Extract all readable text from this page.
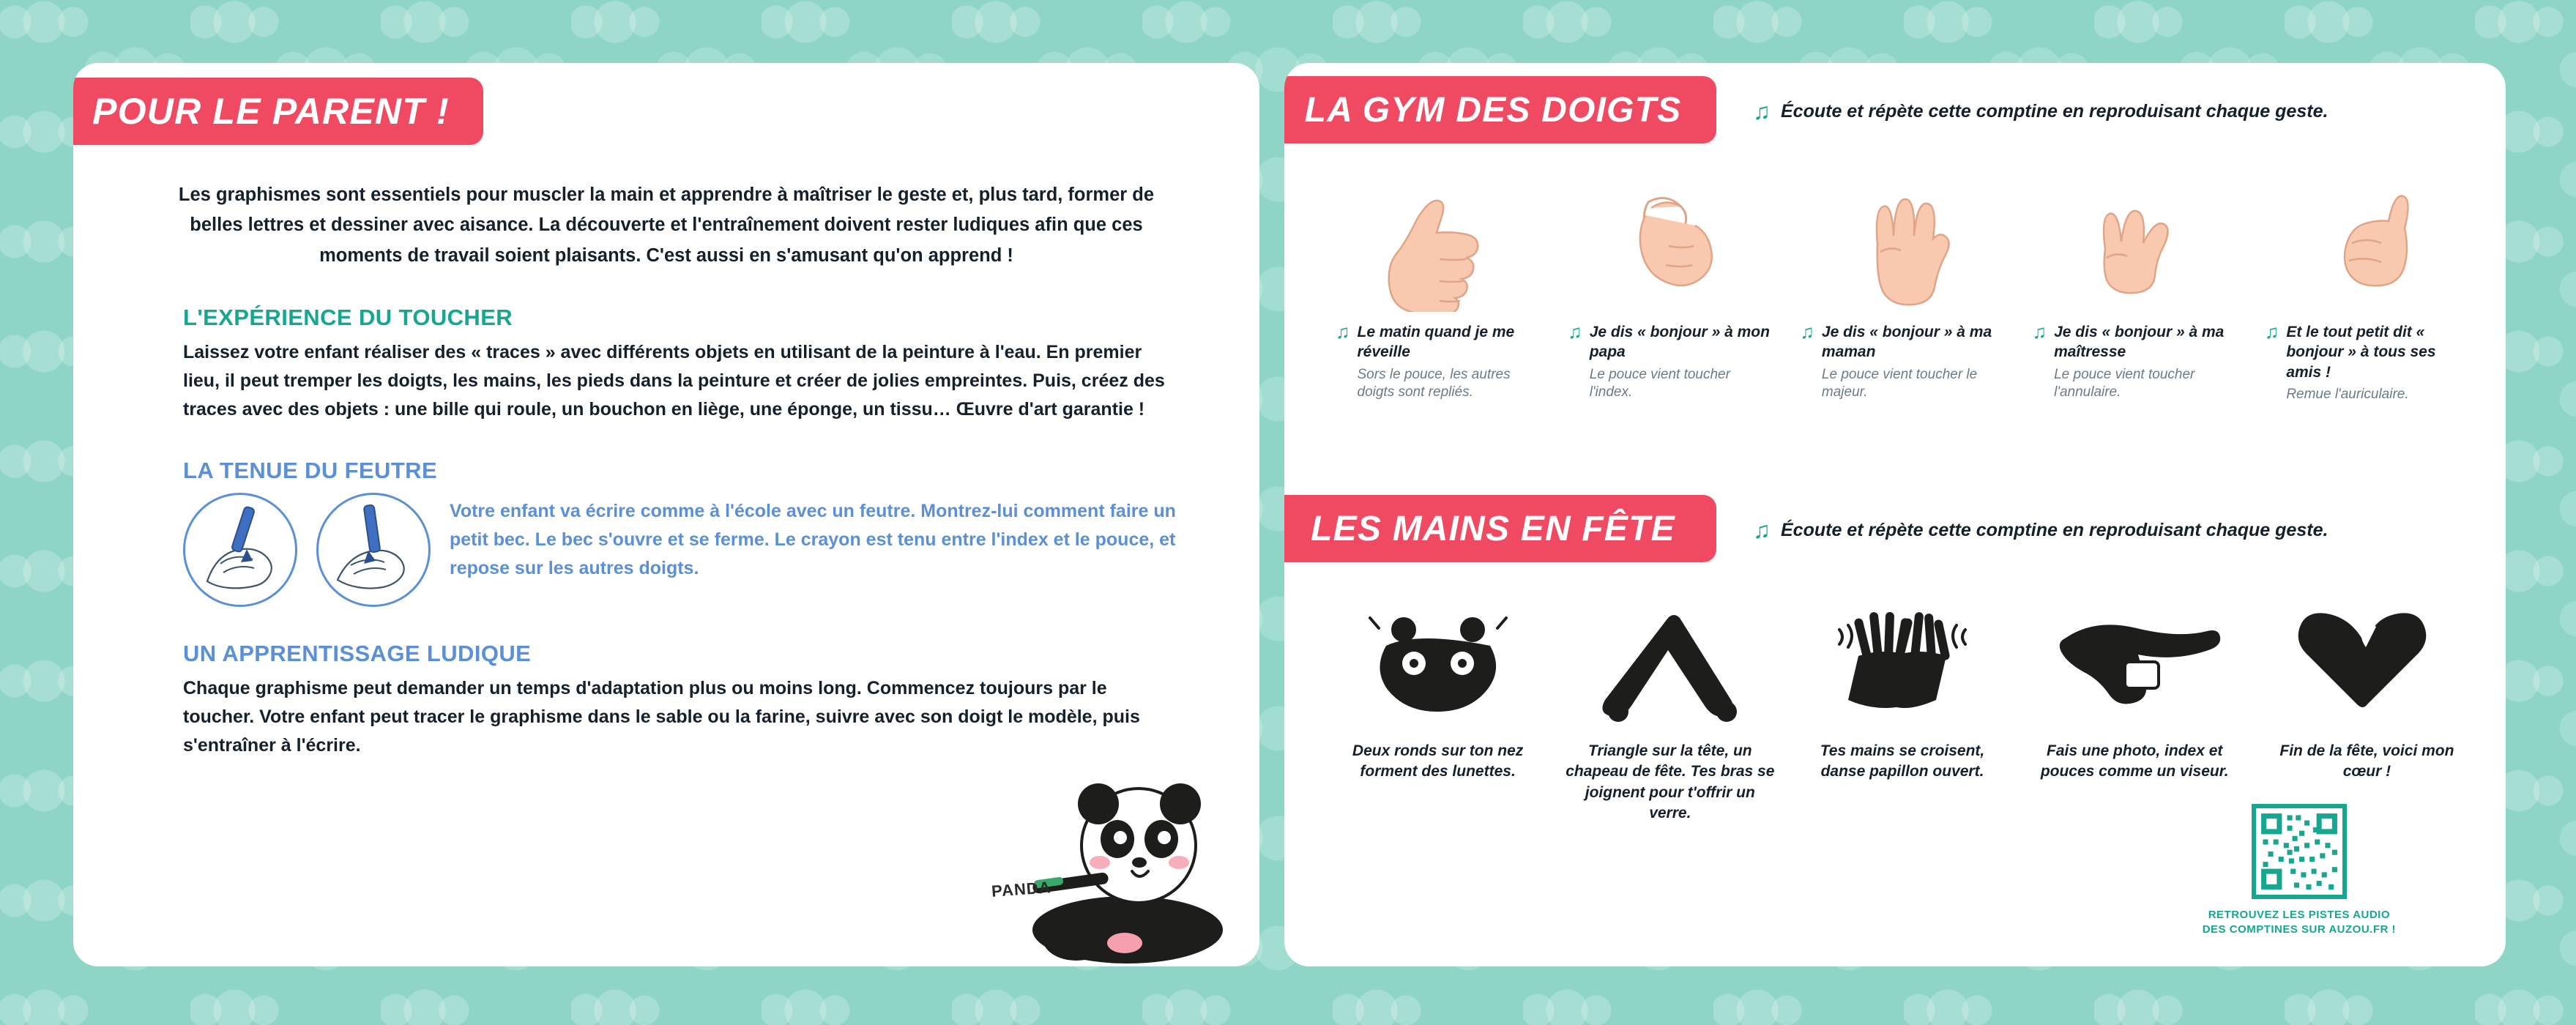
POUR LE PARENT !
Les graphismes sont essentiels pour muscler la main et apprendre à maîtriser le geste et, plus tard, former de belles lettres et dessiner avec aisance. La découverte et l'entraînement doivent rester ludiques afin que ces moments de travail soient plaisants. C'est aussi en s'amusant qu'on apprend !
L'EXPÉRIENCE DU TOUCHER

Laissez votre enfant réaliser des « traces » avec différents objets en utilisant de la peinture à l'eau. En premier lieu, il peut tremper les doigts, les mains, les pieds dans la peinture et créer de jolies empreintes. Puis, créez des traces avec des objets : une bille qui roule, un bouchon en liège, une éponge, un tissu… Œuvre d'art garantie !

LA TENUE DU FEUTRE

Votre enfant va écrire comme à l'école avec un feutre. Montrez-lui comment faire un petit bec. Le bec s'ouvre et se ferme. Le crayon est tenu entre l'index et le pouce, et repose sur les autres doigts.

UN APPRENTISSAGE LUDIQUE

Chaque graphisme peut demander un temps d'adaptation plus ou moins long. Commencez toujours par le toucher. Votre enfant peut tracer le graphisme dans le sable ou la farine, suivre avec son doigt le modèle, puis s'entraîner à l'écrire.

PANDA
LA GYM DES DOIGTS	♫ Écoute et répète cette comptine en reproduisant chaque geste.
♫ Le matin quand je me réveille
Sors le pouce, les autres doigts sont repliés.
♫ Je dis « bonjour » à mon papa
Le pouce vient toucher l'index.
♫ Je dis « bonjour » à ma maman
Le pouce vient toucher le majeur.
♫ Je dis « bonjour » à ma maîtresse
Le pouce vient toucher l'annulaire.
♫ Et le tout petit dit « bonjour » à tous ses amis !
Remue l'auriculaire.
LES MAINS EN FÊTE	♫ Écoute et répète cette comptine en reproduisant chaque geste.
Deux ronds sur ton nez forment des lunettes.
Triangle sur la tête, un chapeau de fête. Tes bras se joignent pour t'offrir un verre.
Tes mains se croisent, danse papillon ouvert.
Fais une photo, index et pouces comme un viseur.
Fin de la fête, voici mon cœur !
RETROUVEZ LES PISTES AUDIO
DES COMPTINES SUR AUZOU.FR !
